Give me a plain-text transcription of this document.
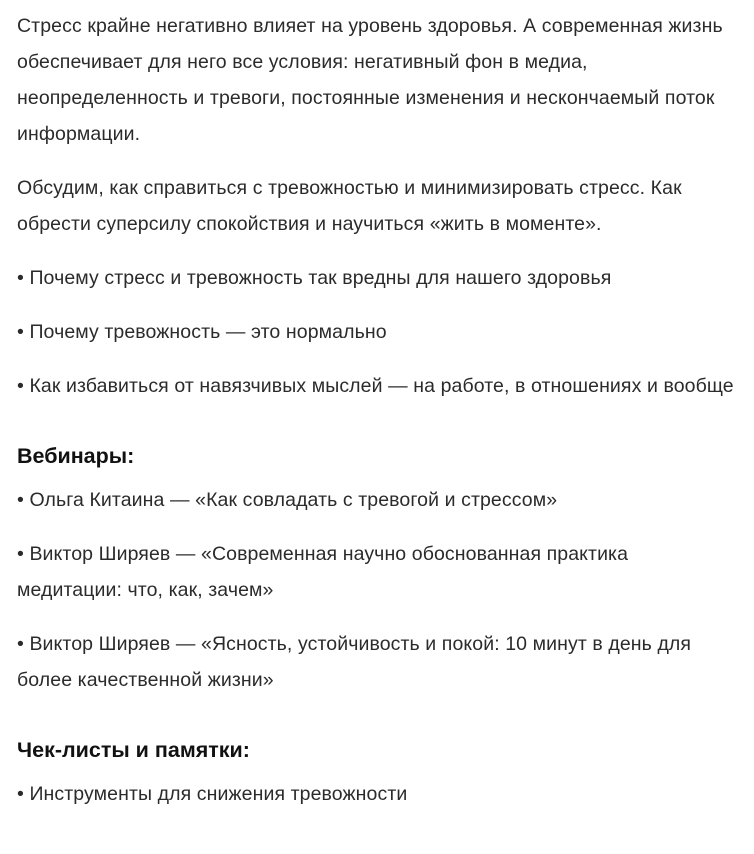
Стресс крайне негативно влияет на уровень здоровья. А современная жизнь обеспечивает для него все условия: негативный фон в медиа, неопределенность и тревоги, постоянные изменения и нескончаемый поток информации.

Обсудим, как справиться с тревожностью и минимизировать стресс. Как обрести суперсилу спокойствия и научиться «жить в моменте».

• Почему стресс и тревожность так вредны для нашего здоровья

• Почему тревожность — это нормально

• Как избавиться от навязчивых мыслей — на работе, в отношениях и вообще

Вебинары:

• Ольга Китаина — «Как совладать с тревогой и стрессом»

• Виктор Ширяев — «Современная научно обоснованная практика медитации: что, как, зачем»

• Виктор Ширяев — «Ясность, устойчивость и покой: 10 минут в день для более качественной жизни»

Чек-листы и памятки:

• Инструменты для снижения тревожности
